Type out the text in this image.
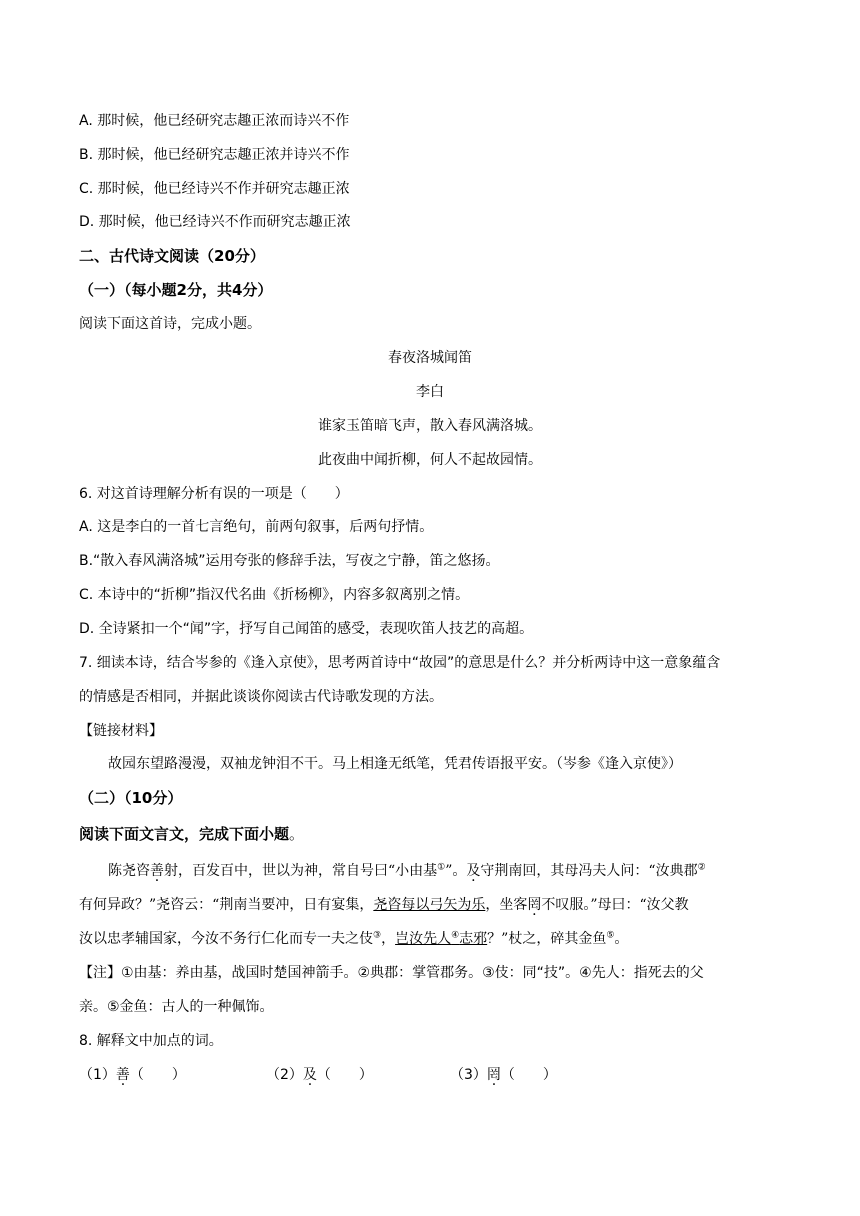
A. 那时候，他已经研究志趣正浓而诗兴不作
B. 那时候，他已经研究志趣正浓并诗兴不作
C. 那时候，他已经诗兴不作并研究志趣正浓
D. 那时候，他已经诗兴不作而研究志趣正浓
二、古代诗文阅读（20分）
（一）（每小题2分，共4分）
阅读下面这首诗，完成小题。
春夜洛城闻笛
李白
谁家玉笛暗飞声，散入春风满洛城。
此夜曲中闻折柳，何人不起故园情。
6. 对这首诗理解分析有误的一项是（　　）
A. 这是李白的一首七言绝句，前两句叙事，后两句抒情。
B.“散入春风满洛城”运用夸张的修辞手法，写夜之宁静，笛之悠扬。
C. 本诗中的“折柳”指汉代名曲《折杨柳》，内容多叙离别之情。
D. 全诗紧扣一个“闻”字，抒写自己闻笛的感受，表现吹笛人技艺的高超。
7. 细读本诗，结合岑参的《逢入京使》，思考两首诗中“故园”的意思是什么？并分析两诗中这一意象蕴含
的情感是否相同，并据此谈谈你阅读古代诗歌发现的方法。
【链接材料】
故园东望路漫漫，双袖龙钟泪不干。马上相逢无纸笔，凭君传语报平安。（岑参《逢入京使》）
（二）（10分）
阅读下面文言文，完成下面小题。
陈尧咨善射，百发百中，世以为神，常自号曰“小由基①”。及守荆南回，其母冯夫人问：“汝典郡②
有何异政？”尧咨云：“荆南当要冲，日有宴集，尧咨每以弓矢为乐，坐客罔不叹服。”母曰：“汝父教
汝以忠孝辅国家，今汝不务行仁化而专一夫之伎③，岂汝先人④志邪？”杖之，碎其金鱼⑤。
【注】①由基：养由基，战国时楚国神箭手。②典郡：掌管郡务。③伎：同“技”。④先人：指死去的父
亲。⑤金鱼：古人的一种佩饰。
8. 解释文中加点的词。
（1）善（　　）	（2）及（　　）	（3）罔（　　）
